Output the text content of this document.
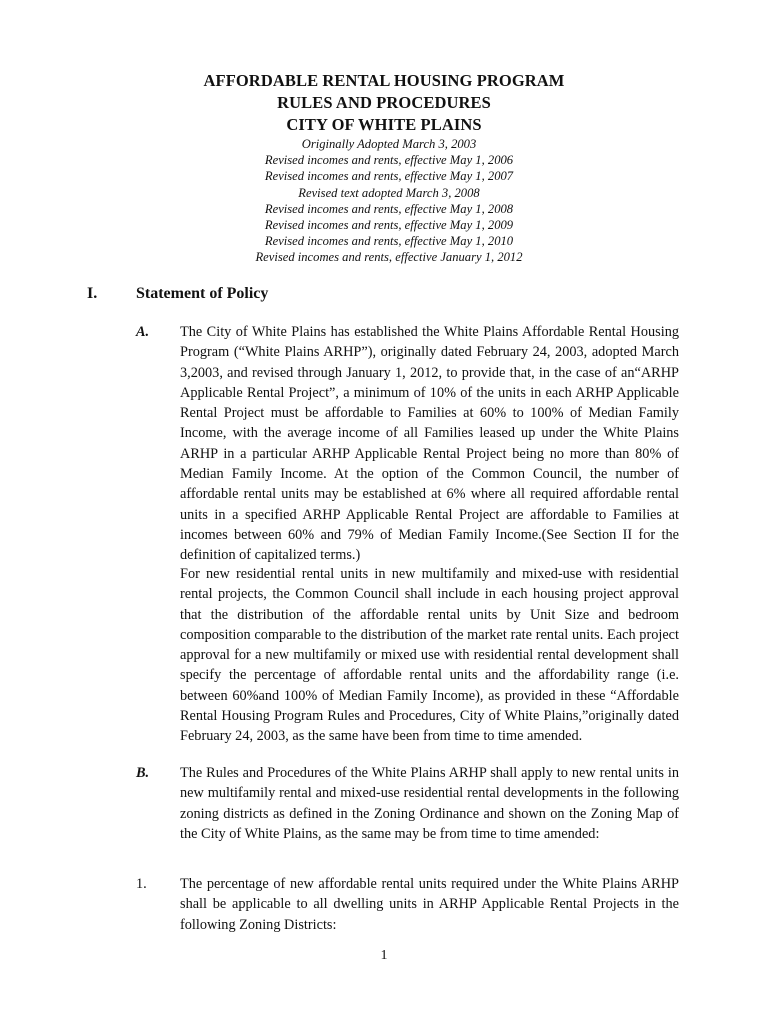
AFFORDABLE RENTAL HOUSING PROGRAM
RULES AND PROCEDURES
CITY OF WHITE PLAINS
Originally Adopted March 3, 2003
Revised incomes and rents, effective May 1, 2006
Revised incomes and rents, effective May 1, 2007
Revised text adopted March 3, 2008
Revised incomes and rents, effective May 1, 2008
Revised incomes and rents, effective May 1, 2009
Revised incomes and rents, effective May 1, 2010
Revised incomes and rents, effective January 1, 2012
I. Statement of Policy
A. The City of White Plains has established the White Plains Affordable Rental Housing Program (“White Plains ARHP”), originally dated February 24, 2003, adopted March 3,2003, and revised through January 1, 2012, to provide that, in the case of an“ARHP Applicable Rental Project”, a minimum of 10% of the units in each ARHP Applicable Rental Project must be affordable to Families at 60% to 100% of Median Family Income, with the average income of all Families leased up under the White Plains ARHP in a particular ARHP Applicable Rental Project being no more than 80% of Median Family Income. At the option of the Common Council, the number of affordable rental units may be established at 6% where all required affordable rental units in a specified ARHP Applicable Rental Project are affordable to Families at incomes between 60% and 79% of Median Family Income.(See Section II for the definition of capitalized terms.)

For new residential rental units in new multifamily and mixed-use with residential rental projects, the Common Council shall include in each housing project approval that the distribution of the affordable rental units by Unit Size and bedroom composition comparable to the distribution of the market rate rental units. Each project approval for a new multifamily or mixed use with residential rental development shall specify the percentage of affordable rental units and the affordability range (i.e. between 60%and 100% of Median Family Income), as provided in these “Affordable Rental Housing Program Rules and Procedures, City of White Plains,”originally dated February 24, 2003, as the same have been from time to time amended.

B. The Rules and Procedures of the White Plains ARHP shall apply to new rental units in new multifamily rental and mixed-use residential rental developments in the following zoning districts as defined in the Zoning Ordinance and shown on the Zoning Map of the City of White Plains, as the same may be from time to time amended:

1. The percentage of new affordable rental units required under the White Plains ARHP shall be applicable to all dwelling units in ARHP Applicable Rental Projects in the following Zoning Districts:

1
